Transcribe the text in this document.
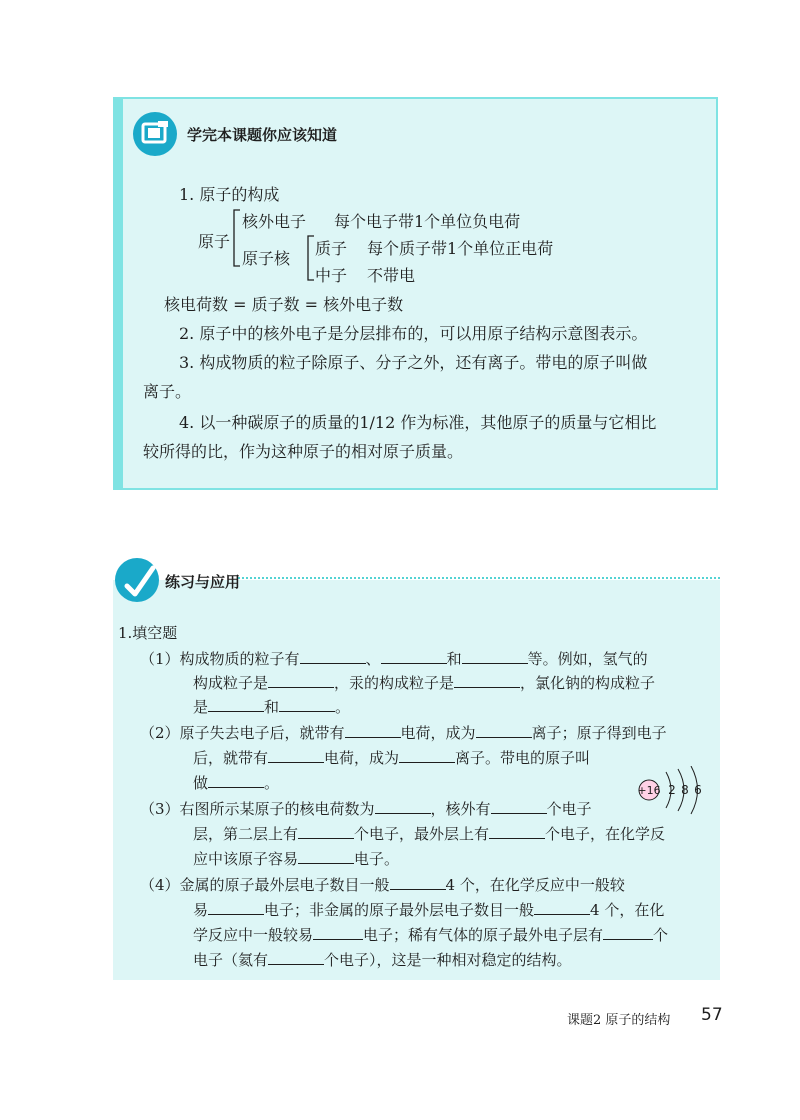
学完本课题你应该知道
1. 原子的构成
原子
核外电子 每个电子带1个单位负电荷
原子核
质子 每个质子带1个单位正电荷
中子 不带电
核电荷数 = 质子数 = 核外电子数
2. 原子中的核外电子是分层排布的，可以用原子结构示意图表示。
3. 构成物质的粒子除原子、分子之外，还有离子。带电的原子叫做
离子。
4. 以一种碳原子的质量的1/12 作为标准，其他原子的质量与它相比
较所得的比，作为这种原子的相对原子质量。
练习与应用
1.填空题
（1）构成物质的粒子有	、	和	等。例如，氢气的
构成粒子是	，汞的构成粒子是	，氯化钠的构成粒子
是	和	。
（2）原子失去电子后，就带有	电荷，成为	离子；原子得到电子
后，就带有	电荷，成为	离子。带电的原子叫
做	。	+16 2 8 6
（3）右图所示某原子的核电荷数为	，核外有	个电子
层，第二层上有	个电子，最外层上有	个电子，在化学反
应中该原子容易	电子。
（4）金属的原子最外层电子数目一般	4 个，在化学反应中一般较
易	电子；非金属的原子最外层电子数目一般	4 个，在化
学反应中一般较易	电子；稀有气体的原子最外电子层有	个
电子（氦有	个电子），这是一种相对稳定的结构。
课题2 原子的结构 57
